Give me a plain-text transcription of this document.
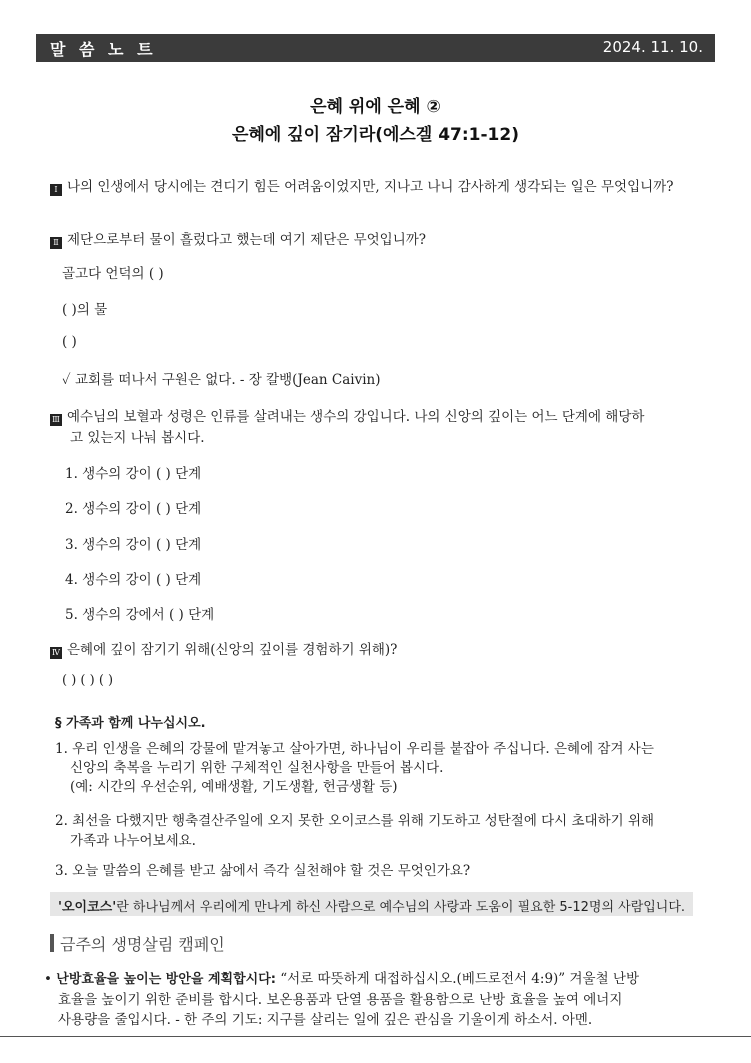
말 씀 노 트	2024. 11. 10.
은혜 위에 은혜 ②
은혜에 깊이 잠기라(에스겔 47:1-12)
Ⅰ 나의 인생에서 당시에는 견디기 힘든 어려움이었지만, 지나고 나니 감사하게 생각되는 일은 무엇입니까?
Ⅱ 제단으로부터 물이 흘렀다고 했는데 여기 제단은 무엇입니까?
골고다 언덕의 ( )
( )의 물
( )
✓ 교회를 떠나서 구원은 없다. - 장 칼뱅(Jean Caivin)
Ⅲ 예수님의 보혈과 성령은 인류를 살려내는 생수의 강입니다. 나의 신앙의 깊이는 어느 단계에 해당하
고 있는지 나눠 봅시다.
1. 생수의 강이 ( ) 단계
2. 생수의 강이 ( ) 단계
3. 생수의 강이 ( ) 단계
4. 생수의 강이 ( ) 단계
5. 생수의 강에서 ( ) 단계
Ⅳ 은혜에 깊이 잠기기 위해(신앙의 깊이를 경험하기 위해)?
( ) ( ) ( )
§ 가족과 함께 나누십시오.
1. 우리 인생을 은혜의 강물에 맡겨놓고 살아가면, 하나님이 우리를 붙잡아 주십니다. 은혜에 잠겨 사는
신앙의 축복을 누리기 위한 구체적인 실천사항을 만들어 봅시다.
(예: 시간의 우선순위, 예배생활, 기도생활, 헌금생활 등)
2. 최선을 다했지만 행축결산주일에 오지 못한 오이코스를 위해 기도하고 성탄절에 다시 초대하기 위해
가족과 나누어보세요.
3. 오늘 말씀의 은혜를 받고 삶에서 즉각 실천해야 할 것은 무엇인가요?
'오이코스'란 하나님께서 우리에게 만나게 하신 사람으로 예수님의 사랑과 도움이 필요한 5-12명의 사람입니다.
금주의 생명살림 캠페인
• 난방효율을 높이는 방안을 계획합시다: “서로 따뜻하게 대접하십시오.(베드로전서 4:9)” 겨울철 난방
효율을 높이기 위한 준비를 합시다. 보온용품과 단열 용품을 활용함으로 난방 효율을 높여 에너지
사용량을 줄입시다. - 한 주의 기도: 지구를 살리는 일에 깊은 관심을 기울이게 하소서. 아멘.
